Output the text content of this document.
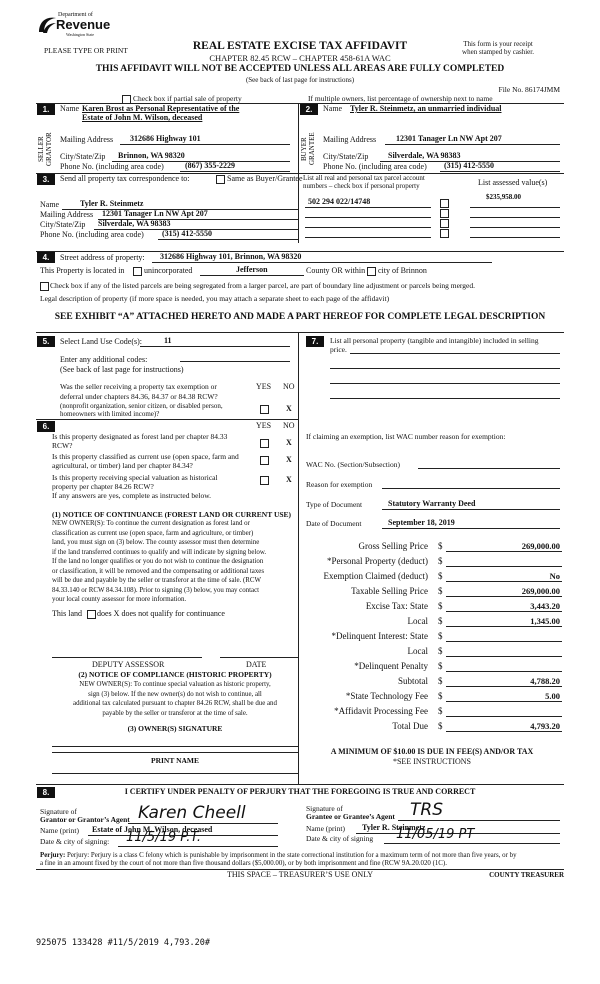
Department of
Revenue
Washington State
PLEASE TYPE OR PRINT	REAL ESTATE EXCISE TAX AFFIDAVIT
CHAPTER 82.45 RCW – CHAPTER 458-61A WAC
This form is your receipt
when stamped by cashier.
THIS AFFIDAVIT WILL NOT BE ACCEPTED UNLESS ALL AREAS ARE FULLY COMPLETED
(See back of last page for instructions)
File No. 86174JMM
Check box if partial sale of property	If multiple owners, list percentage of ownership next to name
1.
SELLER GRANTOR
Name Karen Brost as Personal Representative of the
Estate of John M. Wilson, deceased
Mailing Address 312686 Highway 101
City/State/Zip Brinnon, WA 98320
Phone No. (including area code)	(867) 355-2229
2.
BUYER GRANTEE
Name Tyler R. Steinmetz, an unmarried individual
Mailing Address 12301 Tanager Ln NW Apt 207
City/State/Zip Silverdale, WA 98383
Phone No. (including area code) (315) 412-5550
3.	Send all property tax correspondence to:	Same as Buyer/Grantee
Name	Tyler R. Steinmetz
Mailing Address 12301 Tanager Ln NW Apt 207
City/State/Zip Silverdale, WA 98383
Phone No. (including area code) (315) 412-5550
List all real and personal tax parcel account
numbers – check box if personal property	List assessed value(s)
502 294 022/14748	$235,958.00
4.	Street address of property: 312686 Highway 101, Brinnon, WA 98320
This Property is located in unincorporated	Jefferson	County OR within city of Brinnon
Check box if any of the listed parcels are being segregated from a larger parcel, are part of boundary line adjustment or parcels being merged.
Legal description of property (if more space is needed, you may attach a separate sheet to each page of the affidavit)
SEE EXHIBIT “A” ATTACHED HERETO AND MADE A PART HEREOF FOR COMPLETE LEGAL DESCRIPTION
5.	Select Land Use Code(s):	11
Enter any additional codes:
(See back of last page for instructions)
YES NO
Was the seller receiving a property tax exemption or
deferral under chapters 84.36, 84.37 or 84.38 RCW?
(nonprofit organization, senior citizen, or disabled person,
homeowners with limited income)?
X
6.	YES NO
Is this property designated as forest land per chapter 84.33
RCW?	X
Is this property classified as current use (open space, farm and
agricultural, or timber) land per chapter 84.34?
X
Is this property receiving special valuation as historical
property per chapter 84.26 RCW?
X
If any answers are yes, complete as instructed below.
(1) NOTICE OF CONTINUANCE (FOREST LAND OR CURRENT USE)
NEW OWNER(S): To continue the current designation as forest land or
classification as current use (open space, farm and agriculture, or timber)
land, you must sign on (3) below. The county assessor must then determine
if the land transferred continues to qualify and will indicate by signing below.
If the land no longer qualifies or you do not wish to continue the designation
or classification, it will be removed and the compensating or additional taxes
will be due and payable by the seller or transferor at the time of sale. (RCW
84.33.140 or RCW 84.34.108). Prior to signing (3) below, you may contact
your local county assessor for more information.
This land does X does not qualify for continuance
DEPUTY ASSESSOR	DATE
(2) NOTICE OF COMPLIANCE (HISTORIC PROPERTY)
NEW OWNER(S): To continue special valuation as historic property,
sign (3) below. If the new owner(s) do not wish to continue, all
additional tax calculated pursuant to chapter 84.26 RCW, shall be due and
payable by the seller or transferor at the time of sale.
(3) OWNER(S) SIGNATURE
PRINT NAME
7.	List all personal property (tangible and intangible) included in selling
price.
If claiming an exemption, list WAC number reason for exemption:
WAC No. (Section/Subsection)
Reason for exemption
Type of Document	Statutory Warranty Deed
Date of Document	September 18, 2019
Gross Selling Price $	269,000.00
*Personal Property (deduct) $
Exemption Claimed (deduct) $	No
Taxable Selling Price $	269,000.00
Excise Tax: State $	3,443.20
Local $	1,345.00
*Delinquent Interest: State $
Local $
*Delinquent Penalty $
Subtotal $	4,788.20
*State Technology Fee $	5.00
*Affidavit Processing Fee $
Total Due $	4,793.20
A MINIMUM OF $10.00 IS DUE IN FEE(S) AND/OR TAX
*SEE INSTRUCTIONS
8.	I CERTIFY UNDER PENALTY OF PERJURY THAT THE FOREGOING IS TRUE AND CORRECT
Signature of
Grantor or Grantor’s Agent Karen Cheell
Name (print) Estate of John M. Wilson, deceased
Date & city of signing: 11/5/19 P.T.
Signature of
Grantee or Grantee’s Agent TRS
Name (print) Tyler R. Steinmetz
Date & city of signing 11/05/19 PT
Perjury: Perjury: Perjury is a class C felony which is punishable by imprisonment in the state correctional institution for a maximum term of not more than five years, or by
a fine in an amount fixed by the court of not more than five thousand dollars ($5,000.00), or by both imprisonment and fine (RCW 9A.20.020 (1C).
THIS SPACE – TREASURER’S USE ONLY	COUNTY TREASURER
925075 133428 #11/5/2019 4,793.20#
